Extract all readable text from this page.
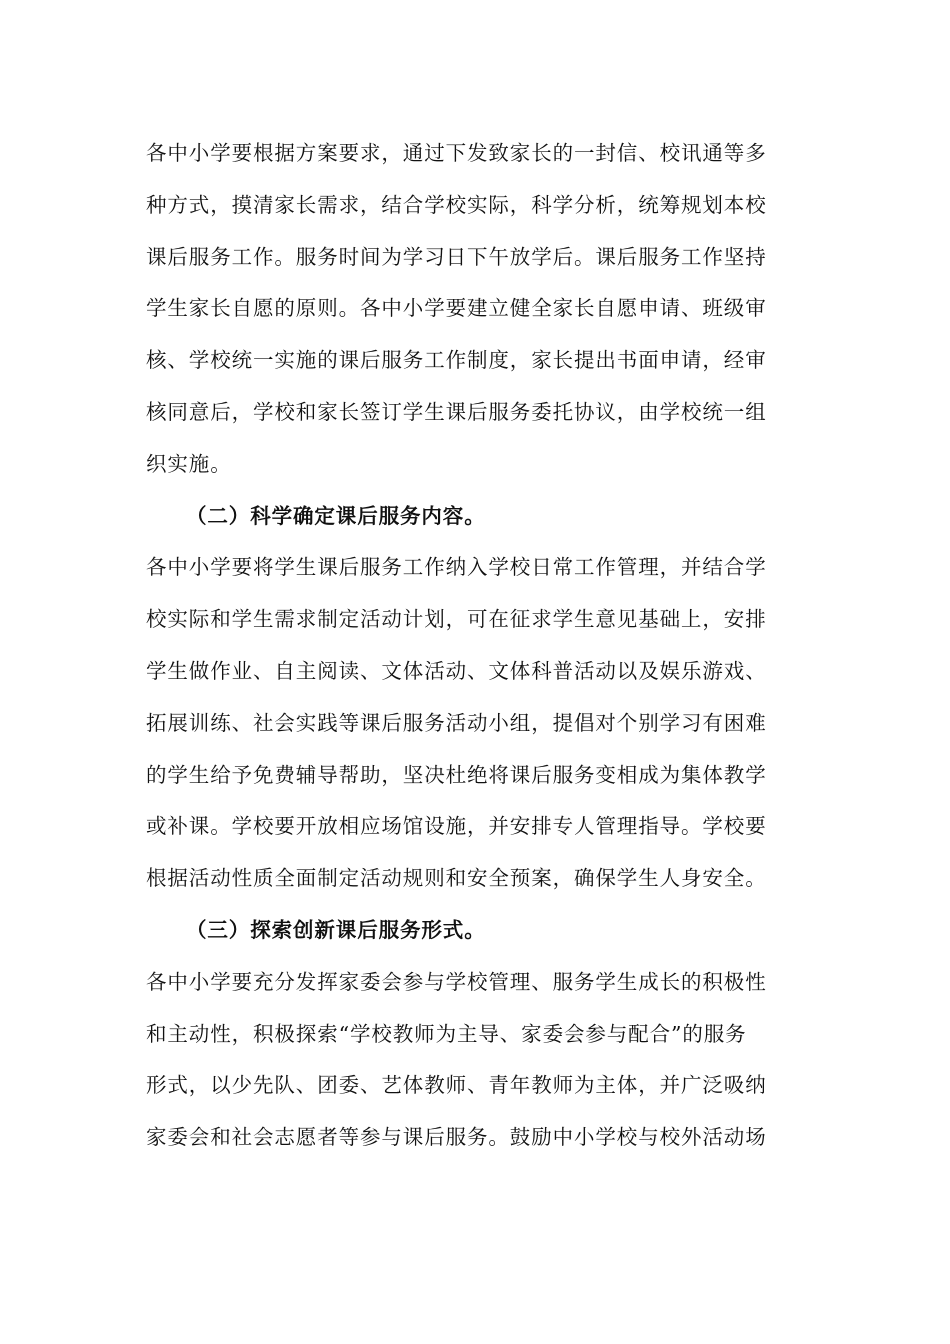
各中小学要根据方案要求，通过下发致家长的一封信、校讯通等多
种方式，摸清家长需求，结合学校实际，科学分析，统筹规划本校
课后服务工作。服务时间为学习日下午放学后。课后服务工作坚持
学生家长自愿的原则。各中小学要建立健全家长自愿申请、班级审
核、学校统一实施的课后服务工作制度，家长提出书面申请，经审
核同意后，学校和家长签订学生课后服务委托协议，由学校统一组
织实施。

（二）科学确定课后服务内容。

各中小学要将学生课后服务工作纳入学校日常工作管理，并结合学
校实际和学生需求制定活动计划，可在征求学生意见基础上，安排
学生做作业、自主阅读、文体活动、文体科普活动以及娱乐游戏、
拓展训练、社会实践等课后服务活动小组，提倡对个别学习有困难
的学生给予免费辅导帮助，坚决杜绝将课后服务变相成为集体教学
或补课。学校要开放相应场馆设施，并安排专人管理指导。学校要
根据活动性质全面制定活动规则和安全预案，确保学生人身安全。

（三）探索创新课后服务形式。

各中小学要充分发挥家委会参与学校管理、服务学生成长的积极性
和主动性，积极探索“学校教师为主导、家委会参与配合”的服务
形式，以少先队、团委、艺体教师、青年教师为主体，并广泛吸纳
家委会和社会志愿者等参与课后服务。鼓励中小学校与校外活动场
